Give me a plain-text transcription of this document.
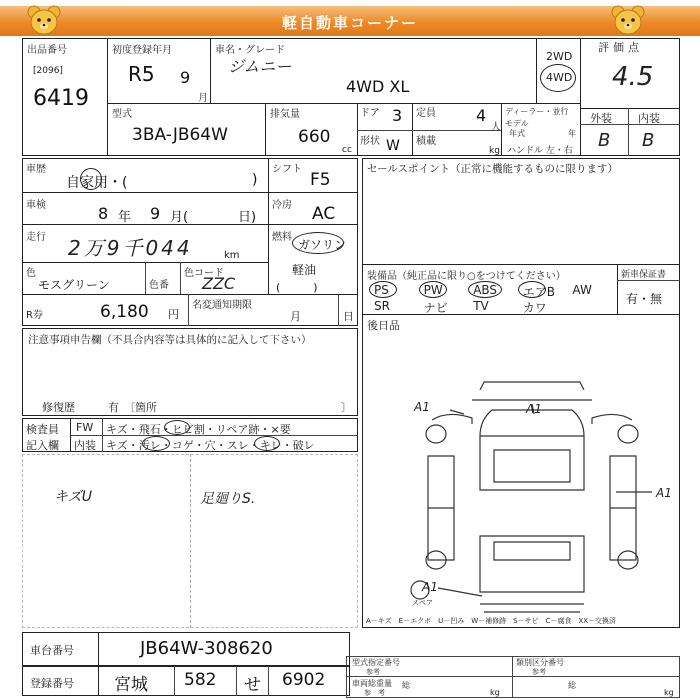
軽自動車コーナー
出品番号
[2096]
6419
初度登録年月
R5 9
月
車名・グレード
ジムニー
4WD XL
2WD
4WD
評価点
4.5
外装 内装
B B
型式
3BA-JB64W
排気量
660
cc
ドア 3 定員	4
人
形状 W 積載
kg
ディーラー・並行
モデル
年式	年
ハンドル 左・右
車歴
自家用・(	)
シフト
F5
車検	8 年 9 月(	日)
冷房 AC
走行 2万9千044	km
燃料
ガソリン
軽油
(　　　)
色
モスグリーン	色番
色コード
ZZC
R券	6,180 円
名変通知期限
月	日
セールスポイント（正常に機能するものに限ります）
装備品（純正品に限り○をつけてください）	新車保証書
有・無
PS	PW	ABS エアB AW
SR	ナビ TV	カワ
後日品
A1	A1
A1
A1
スペア
A－キズ　E－エクボ　U－凹み　W－補修跡　S－サビ　C－腐食　XX－交換済
注意事項申告欄（不具合内容等は具体的に記入して下さい）
修復歴	有 〔箇所	〕
検査員
記入欄
FW キズ・飛石・ヒビ割・リペア跡・×要
内装 キズ・汚レ・コゲ・穴・スレ・キレ・破レ
キズU	足廻りS.
車台番号	JB64W-308620
登録番号 宮城 582 せ 6902
型式指定番号
参考
類別区分番号
参考
車両総重量
参　考
総
kg
総
kg
